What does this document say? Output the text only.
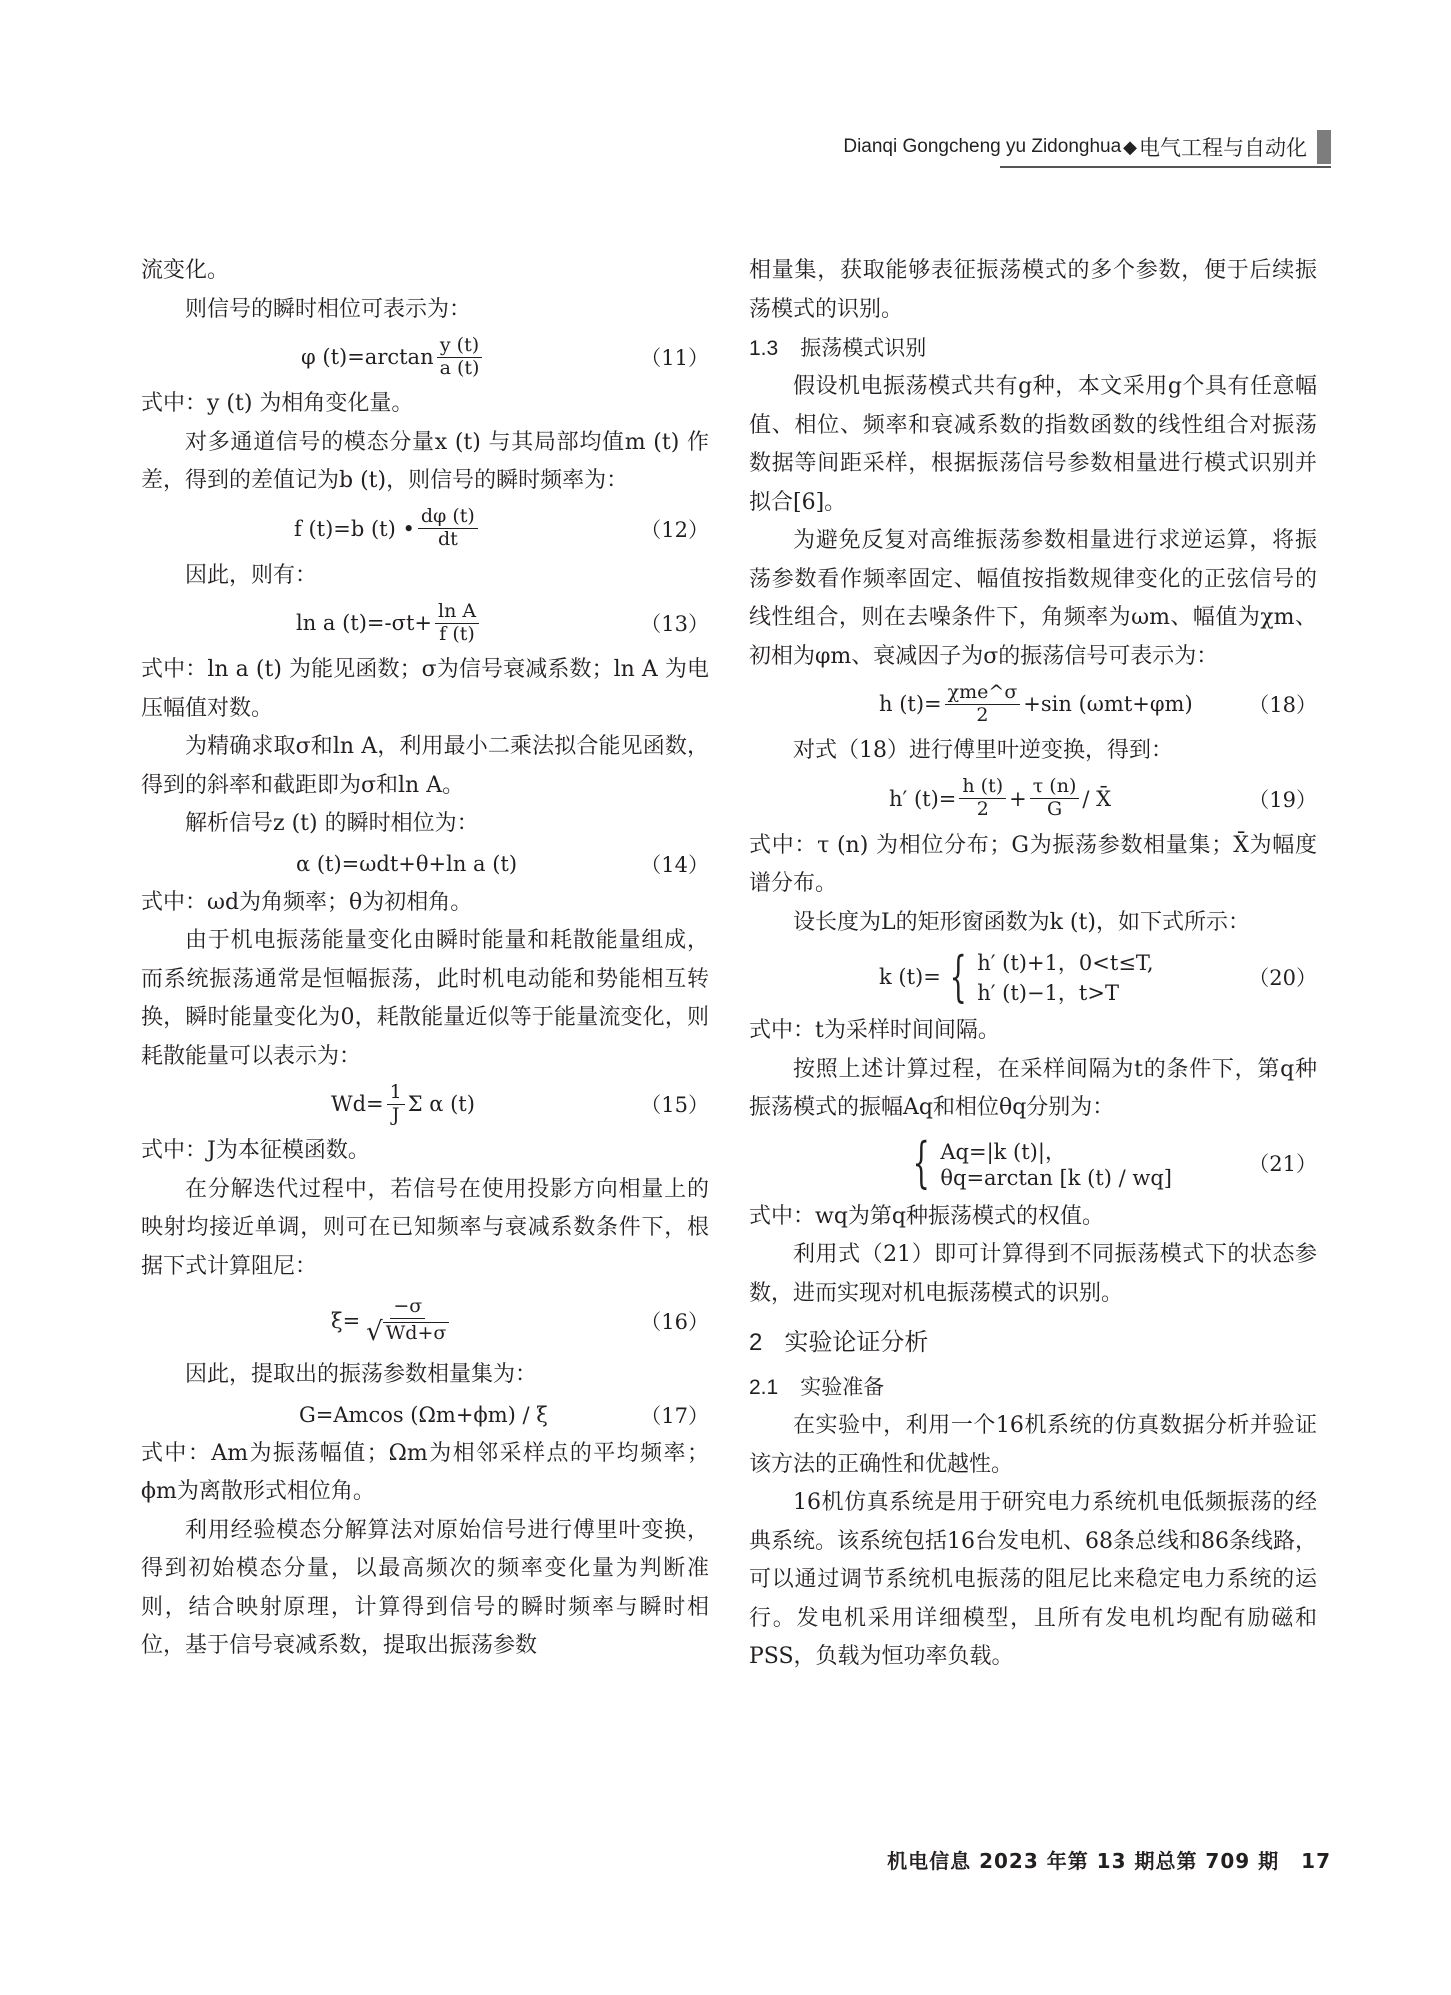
Dianqi Gongcheng yu Zidonghua ◆ 电气工程与自动化

流变化。

则信号的瞬时相位可表示为：

φ $(t)=\arctan \frac{y (t)}{a (t)}$	（11）

式中：y (t) 为相角变化量。

对多通道信号的模态分量x (t) 与其局部均值m (t) 作差，得到的差值记为b (t)，则信号的瞬时频率为：

f (t)=b (t) • $\frac{d\varphi (t)}{dt}$	（12）

因此，则有：

ln a $(t)=-\sigma t+ \frac{\text{ln A}}{f (t)}$	（13）

式中：ln a (t) 为能见函数；σ为信号衰减系数；ln A 为电压幅值对数。

为精确求取σ和ln A，利用最小二乘法拟合能见函数，得到的斜率和截距即为σ和ln A。

解析信号z (t) 的瞬时相位为：

α (t)=ωdt+θ+ln a (t)	（14）

式中：ωd为角频率；θ为初相角。

由于机电振荡能量变化由瞬时能量和耗散能量组成，而系统振荡通常是恒幅振荡，此时机电动能和势能相互转换，瞬时能量变化为0，耗散能量近似等于能量流变化，则耗散能量可以表示为：

$Wd= \frac{1}{J}$ Σ α (t)	（15）

式中：J为本征模函数。

在分解迭代过程中，若信号在使用投影方向相量上的映射均接近单调，则可在已知频率与衰减系数条件下，根据下式计算阻尼：

$\xi= \frac{-\sigma}{√ Wd+\sigma}$	（16）

因此，提取出的振荡参数相量集为：

G=Amcos (Ωm+ϕm) / ξ	（17）

式中：Am为振荡幅值；Ωm为相邻采样点的平均频率；ϕm为离散形式相位角。

利用经验模态分解算法对原始信号进行傅里叶变换，得到初始模态分量，以最高频次的频率变化量为判断准则，结合映射原理，计算得到信号的瞬时频率与瞬时相位，基于信号衰减系数，提取出振荡参数

相量集，获取能够表征振荡模式的多个参数，便于后续振荡模式的识别。

1.3 振荡模式识别

假设机电振荡模式共有g种，本文采用g个具有任意幅值、相位、频率和衰减系数的指数函数的线性组合对振荡数据等间距采样，根据振荡信号参数相量进行模式识别并拟合[6]。

为避免反复对高维振荡参数相量进行求逆运算，将振荡参数看作频率固定、幅值按指数规律变化的正弦信号的线性组合，则在去噪条件下，角频率为ωm、幅值为χm、初相为φm、衰减因子为σ的振荡信号可表示为：

h $(t)= \frac{\text{χme\textasciicircum{}σ}}{2} +\sin$ (ωmt+φm)	（18）

对式（18）进行傅里叶逆变换，得到：

h′ $(t)= \frac{h (t)}{2} + \frac{\tau (n)}{G}$ / X̄	（19）

式中：τ (n) 为相位分布；G为振荡参数相量集；X̄为幅度谱分布。

设长度为L的矩形窗函数为k (t)，如下式所示：

k (t)= { h′ (t)+1，0<t≤T,
h′ (t)−1，t>T
（20）

式中：t为采样时间间隔。

按照上述计算过程，在采样间隔为t的条件下，第q种振荡模式的振幅Aq和相位θq分别为：

{ Aq=|k (t)|，
θq=arctan [k (t) / wq]
（21）

式中：wq为第q种振荡模式的权值。

利用式（21）即可计算得到不同振荡模式下的状态参数，进而实现对机电振荡模式的识别。

2 实验论证分析

2.1 实验准备

在实验中，利用一个16机系统的仿真数据分析并验证该方法的正确性和优越性。

16机仿真系统是用于研究电力系统机电低频振荡的经典系统。该系统包括16台发电机、68条总线和86条线路，可以通过调节系统机电振荡的阻尼比来稳定电力系统的运行。发电机采用详细模型，且所有发电机均配有励磁和PSS，负载为恒功率负载。

机电信息 2023 年第 13 期总第 709 期 17
